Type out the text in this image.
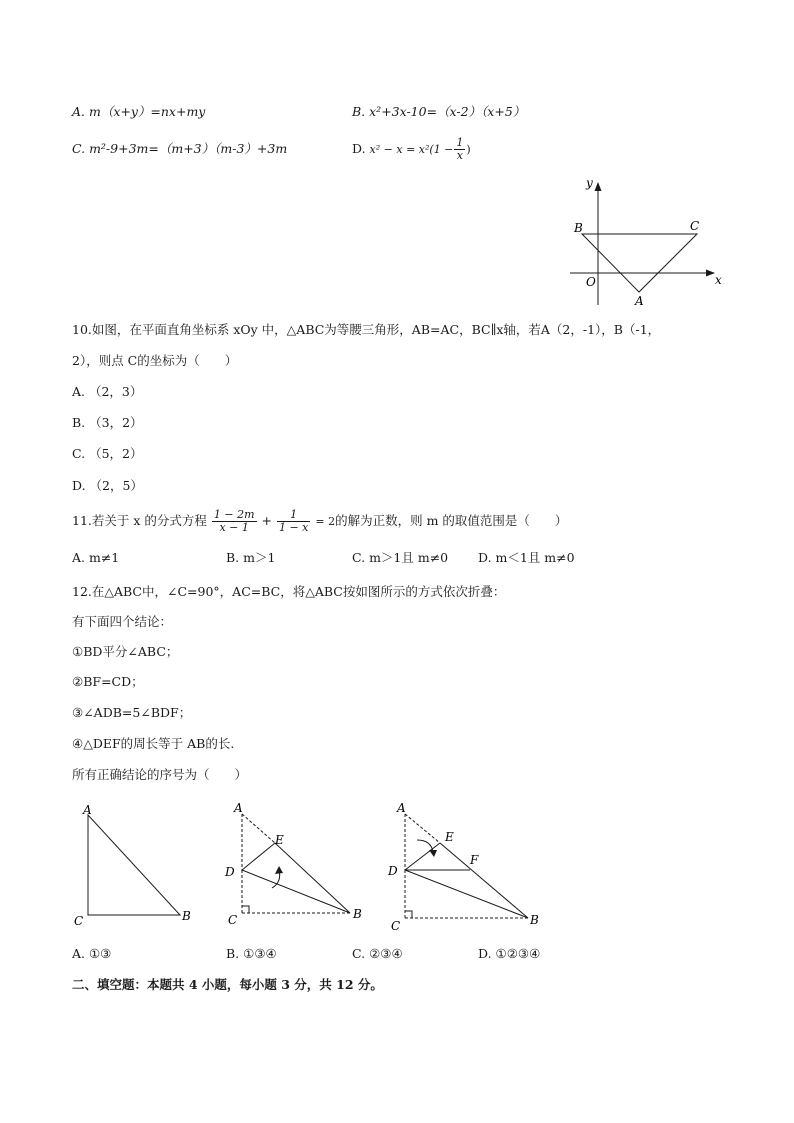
A. m（x+y）=nx+my	B. x²+3x-10=（x-2）（x+5）
C. m²-9+3m=（m+3）（m-3）+3m	D. $x^2 - x = x^2(1 - \frac{1}{x}$ )
x
y
O
B	C
A
10.如图，在平面直角坐标系 xOy 中，△ABC为等腰三角形，AB=AC，BC∥x轴，若A（2，-1），B（-1，
2），则点 C的坐标为（　　）
A. （2，3）
B. （3，2）
C. （5，2）
D. （2，5）
11.若关于 x 的分式方程 $\frac{1 - 2m}{x - 1} + \frac{1}{1 - x} = 2$的解为正数，则 m 的取值范围是（　　）
A. m≠1	B. m＞1	C. m＞1且 m≠0 D. m＜1且 m≠0
12.在△ABC中，∠C=90°，AC=BC，将△ABC按如图所示的方式依次折叠：
有下面四个结论：
①BD平分∠ABC；
②BF=CD；
③∠ADB=5∠BDF；
④△DEF的周长等于 AB的长.
所有正确结论的序号为（　　）
A
C	B
A
E
D
C	B
A
E
F
D
C	B
A. ①③	B. ①③④	C. ②③④	D. ①②③④
二、填空题：本题共 4 小题，每小题 3 分，共 12 分。
